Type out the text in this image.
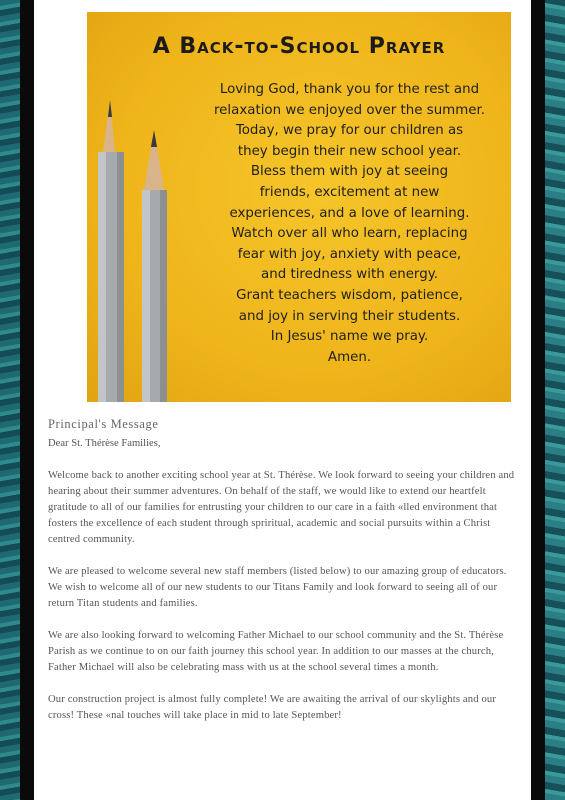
A Back-to-School Prayer
Loving God, thank you for the rest and
relaxation we enjoyed over the summer.
Today, we pray for our children as
they begin their new school year.
Bless them with joy at seeing
friends, excitement at new
experiences, and a love of learning.
Watch over all who learn, replacing
fear with joy, anxiety with peace,
and tiredness with energy.
Grant teachers wisdom, patience,
and joy in serving their students.
In Jesus' name we pray.
Amen.
Principal's Message
Dear St. Thérèse Families,

Welcome back to another exciting school year at St. Thérèse. We look forward to seeing your children and hearing about their summer adventures. On behalf of the staff, we would like to extend our heartfelt gratitude to all of our families for entrusting your children to our care in a faith «lled environment that fosters the excellence of each student through spriritual, academic and social pursuits within a Christ centred community.

We are pleased to welcome several new staff members (listed below) to our amazing group of educators. We wish to welcome all of our new students to our Titans Family and look forward to seeing all of our return Titan students and families.

We are also looking forward to welcoming Father Michael to our school community and the St. Thérèse Parish as we continue to on our faith journey this school year. In addition to our masses at the church, Father Michael will also be celebrating mass with us at the school several times a month.

Our construction project is almost fully complete! We are awaiting the arrival of our skylights and our cross! These «nal touches will take place in mid to late September!
